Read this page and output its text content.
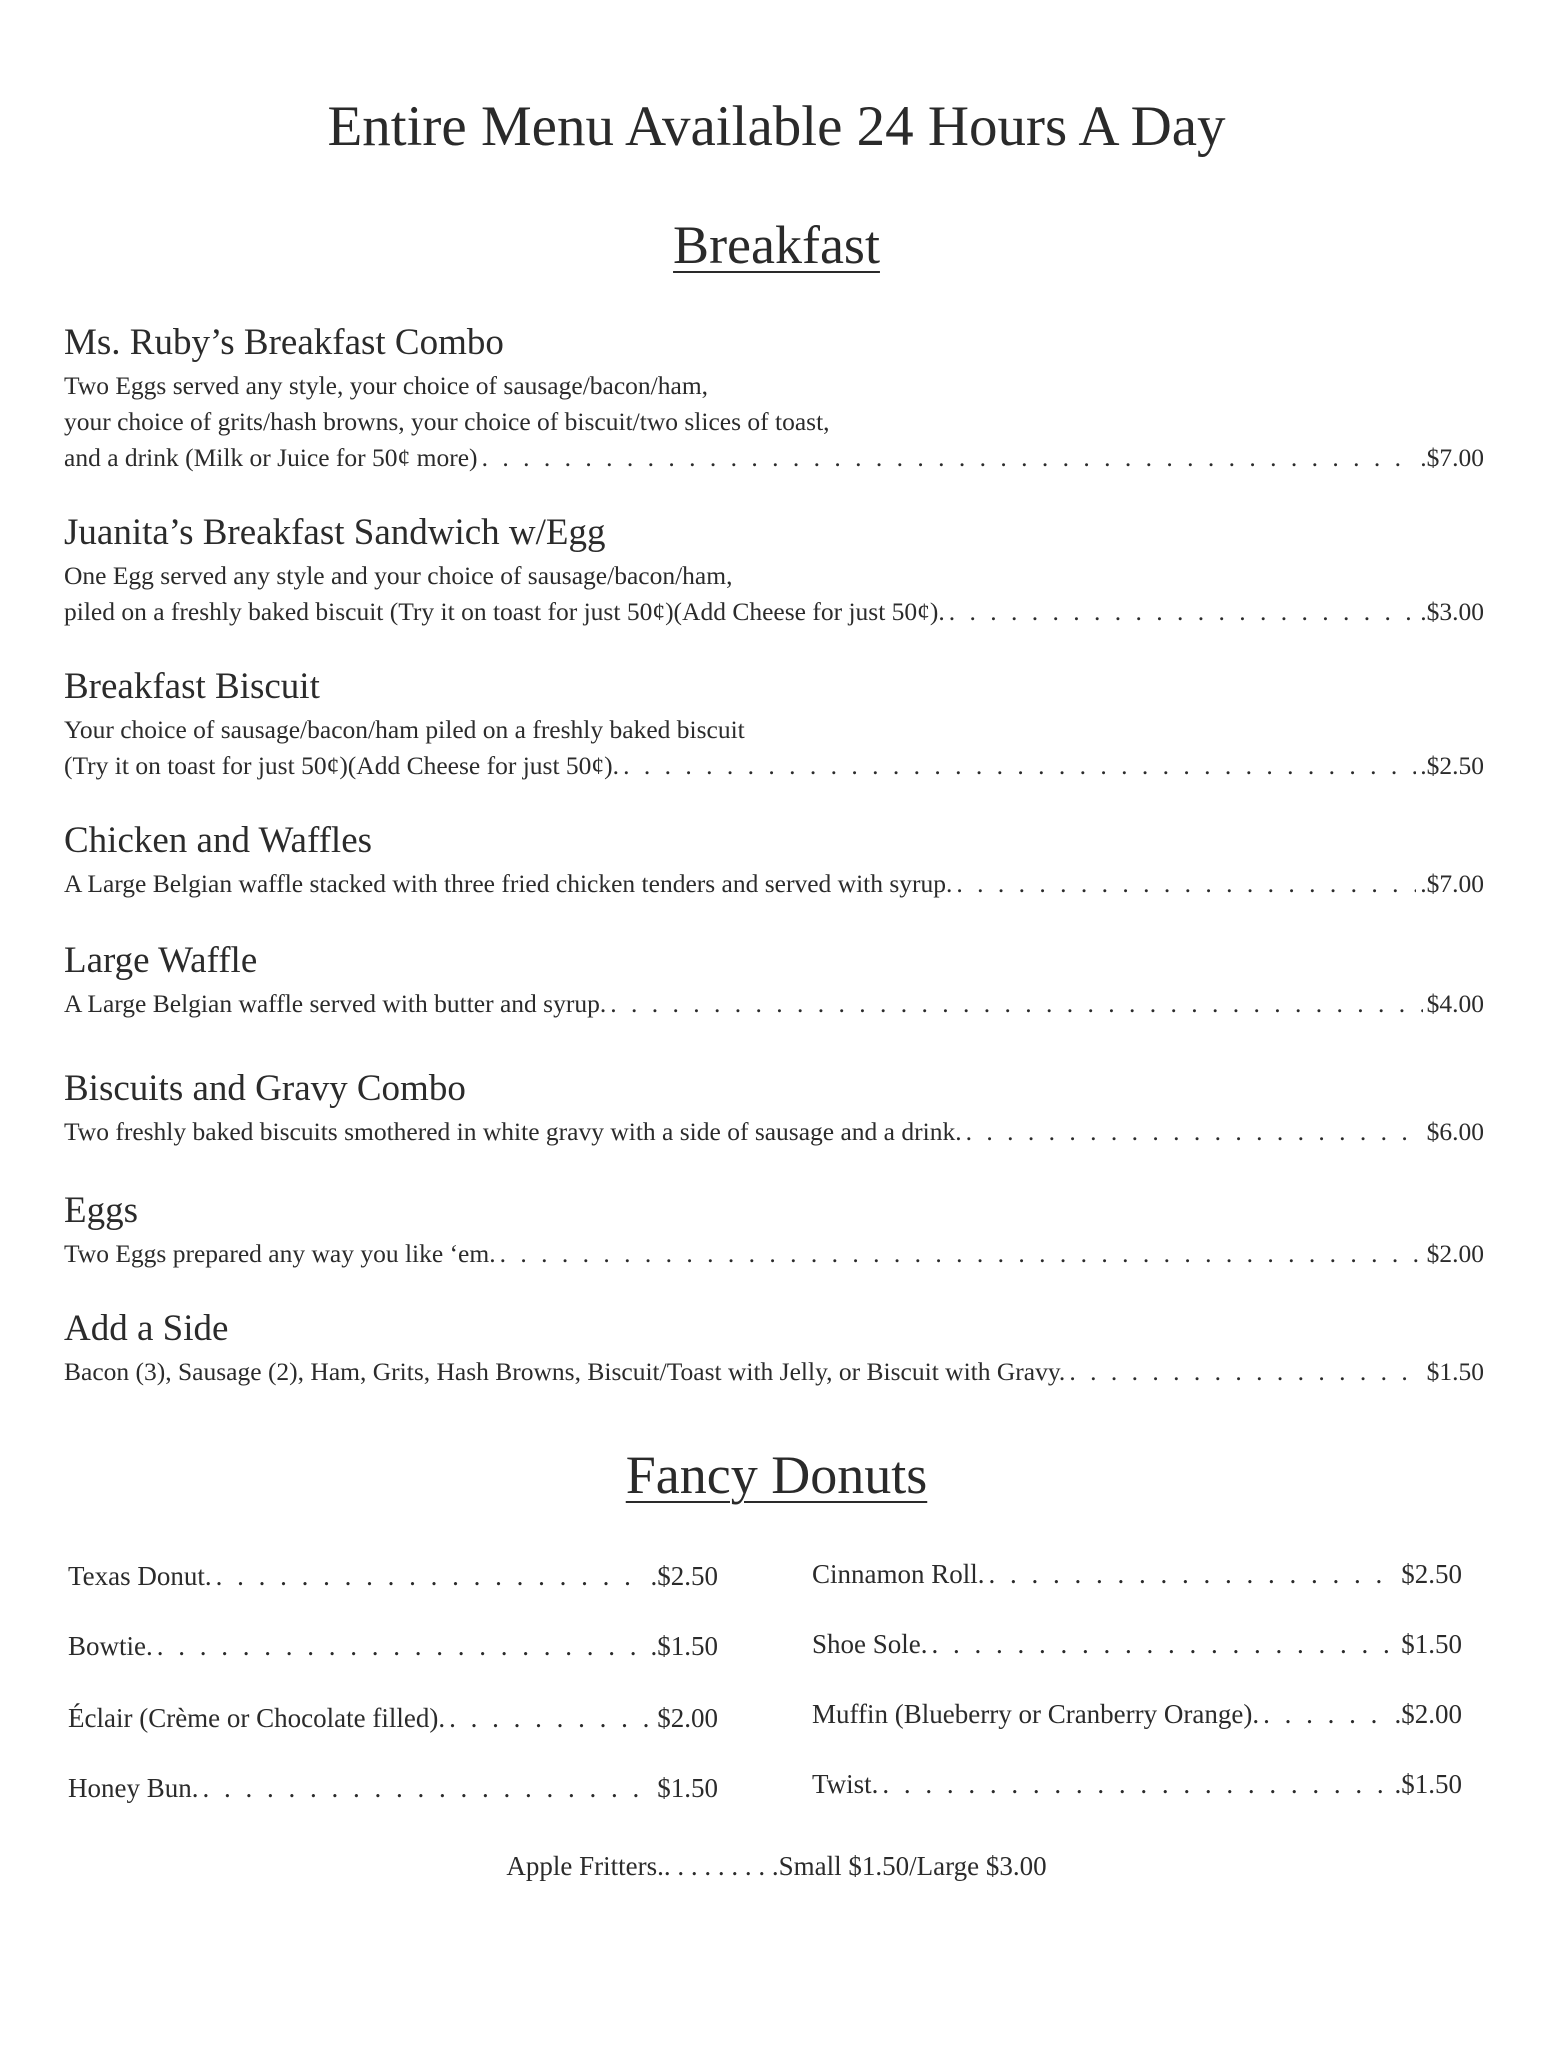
Entire Menu Available 24 Hours A Day
Breakfast
Ms. Ruby’s Breakfast Combo
Two Eggs served any style, your choice of sausage/bacon/ham,
your choice of grits/hash browns, your choice of biscuit/two slices of toast,
and a drink (Milk or Juice for 50¢ more) . . .	.$7.00
Juanita’s Breakfast Sandwich w/Egg
One Egg served any style and your choice of sausage/bacon/ham,
piled on a freshly baked biscuit (Try it on toast for just 50¢)(Add Cheese for just 50¢). . . .	.$3.00
Breakfast Biscuit
Your choice of sausage/bacon/ham piled on a freshly baked biscuit
(Try it on toast for just 50¢)(Add Cheese for just 50¢). . . .	.$2.50
Chicken and Waffles
A Large Belgian waffle stacked with three fried chicken tenders and served with syrup. . . .	.$7.00
Large Waffle
A Large Belgian waffle served with butter and syrup. . . .	$4.00
Biscuits and Gravy Combo
Two freshly baked biscuits smothered in white gravy with a side of sausage and a drink. . . .	$6.00
Eggs
Two Eggs prepared any way you like ‘em. . . .	$2.00
Add a Side
Bacon (3), Sausage (2), Ham, Grits, Hash Browns, Biscuit/Toast with Jelly, or Biscuit with Gravy. . . .	$1.50
Fancy Donuts
Texas Donut. . . .	.$2.50
Bowtie. . . .	.$1.50
Éclair (Crème or Chocolate filled). . . .	$2.00
Honey Bun. . . .	$1.50
Cinnamon Roll. . . .	$2.50
Shoe Sole. . . .	$1.50
Muffin (Blueberry or Cranberry Orange). . . .	.$2.00
Twist. . . .	.$1.50
Apple Fritters.. . . . . . . . .Small $1.50/Large $3.00
